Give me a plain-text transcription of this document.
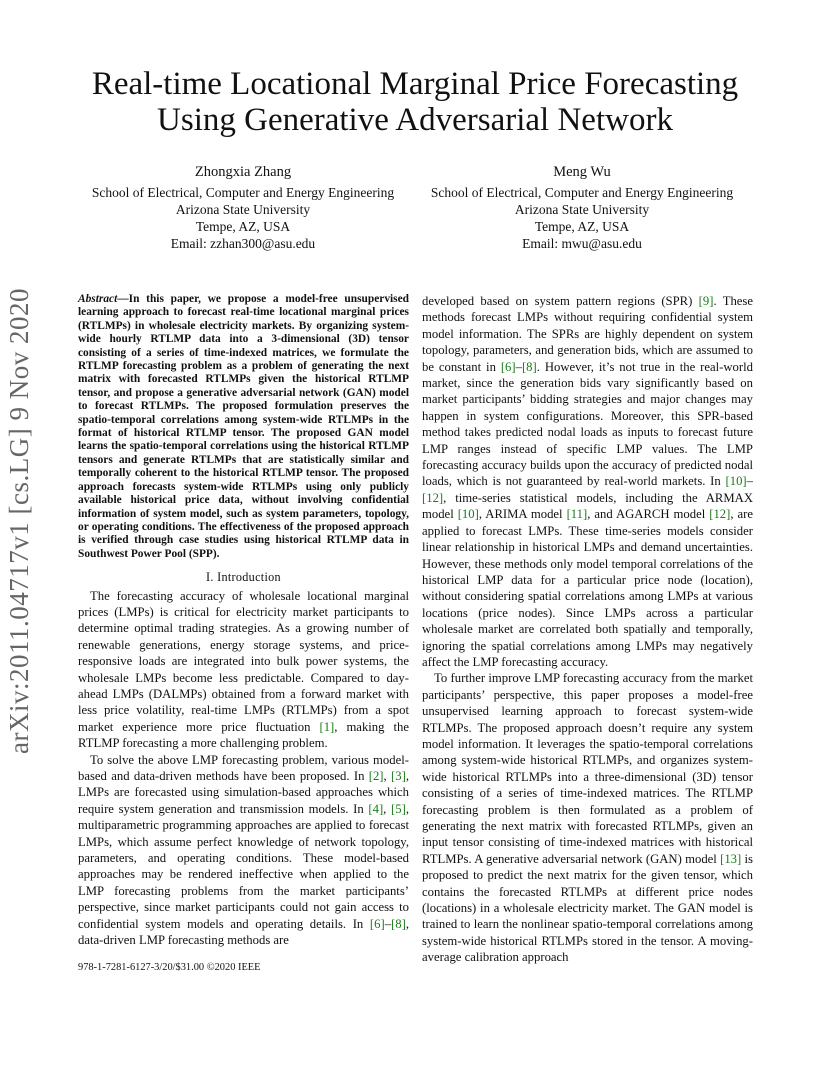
arXiv:2011.04717v1 [cs.LG] 9 Nov 2020
Real-time Locational Marginal Price Forecasting
Using Generative Adversarial Network
Zhongxia Zhang
School of Electrical, Computer and Energy Engineering
Arizona State University
Tempe, AZ, USA
Email: zzhan300@asu.edu
Meng Wu
School of Electrical, Computer and Energy Engineering
Arizona State University
Tempe, AZ, USA
Email: mwu@asu.edu
Abstract—In this paper, we propose a model-free unsupervised learning approach to forecast real-time locational marginal prices (RTLMPs) in wholesale electricity markets. By organizing system-wide hourly RTLMP data into a 3-dimensional (3D) tensor consisting of a series of time-indexed matrices, we formulate the RTLMP forecasting problem as a problem of generating the next matrix with forecasted RTLMPs given the historical RTLMP tensor, and propose a generative adversarial network (GAN) model to forecast RTLMPs. The proposed formulation preserves the spatio-temporal correlations among system-wide RTLMPs in the format of historical RTLMP tensor. The proposed GAN model learns the spatio-temporal correlations using the historical RTLMP tensors and generate RTLMPs that are statistically similar and temporally coherent to the historical RTLMP tensor. The proposed approach forecasts system-wide RTLMPs using only publicly available historical price data, without involving confidential information of system model, such as system parameters, topology, or operating conditions. The effectiveness of the proposed approach is verified through case studies using historical RTLMP data in Southwest Power Pool (SPP).
I. Introduction

The forecasting accuracy of wholesale locational marginal prices (LMPs) is critical for electricity market participants to determine optimal trading strategies. As a growing number of renewable generations, energy storage systems, and price-responsive loads are integrated into bulk power systems, the wholesale LMPs become less predictable. Compared to day-ahead LMPs (DALMPs) obtained from a forward market with less price volatility, real-time LMPs (RTLMPs) from a spot market experience more price fluctuation [1], making the RTLMP forecasting a more challenging problem.

To solve the above LMP forecasting problem, various model-based and data-driven methods have been proposed. In [2], [3], LMPs are forecasted using simulation-based approaches which require system generation and transmission models. In [4], [5], multiparametric programming approaches are applied to forecast LMPs, which assume perfect knowledge of network topology, parameters, and operating conditions. These model-based approaches may be rendered ineffective when applied to the LMP forecasting problems from the market participants’ perspective, since market participants could not gain access to confidential system models and operating details. In [6]–[8], data-driven LMP forecasting methods are

developed based on system pattern regions (SPR) [9]. These methods forecast LMPs without requiring confidential system model information. The SPRs are highly dependent on system topology, parameters, and generation bids, which are assumed to be constant in [6]–[8]. However, it’s not true in the real-world market, since the generation bids vary significantly based on market participants’ bidding strategies and major changes may happen in system configurations. Moreover, this SPR-based method takes predicted nodal loads as inputs to forecast future LMP ranges instead of specific LMP values. The LMP forecasting accuracy builds upon the accuracy of predicted nodal loads, which is not guaranteed by real-world markets. In [10]–[12], time-series statistical models, including the ARMAX model [10], ARIMA model [11], and AGARCH model [12], are applied to forecast LMPs. These time-series models consider linear relationship in historical LMPs and demand uncertainties. However, these methods only model temporal correlations of the historical LMP data for a particular price node (location), without considering spatial correlations among LMPs at various locations (price nodes). Since LMPs across a particular wholesale market are correlated both spatially and temporally, ignoring the spatial correlations among LMPs may negatively affect the LMP forecasting accuracy.

To further improve LMP forecasting accuracy from the market participants’ perspective, this paper proposes a model-free unsupervised learning approach to forecast system-wide RTLMPs. The proposed approach doesn’t require any system model information. It leverages the spatio-temporal correlations among system-wide historical RTLMPs, and organizes system-wide historical RTLMPs into a three-dimensional (3D) tensor consisting of a series of time-indexed matrices. The RTLMP forecasting problem is then formulated as a problem of generating the next matrix with forecasted RTLMPs, given an input tensor consisting of time-indexed matrices with historical RTLMPs. A generative adversarial network (GAN) model [13] is proposed to predict the next matrix for the given tensor, which contains the forecasted RTLMPs at different price nodes (locations) in a wholesale electricity market. The GAN model is trained to learn the nonlinear spatio-temporal correlations among system-wide historical RTLMPs stored in the tensor. A moving-average calibration approach

978-1-7281-6127-3/20/$31.00 ©2020 IEEE
